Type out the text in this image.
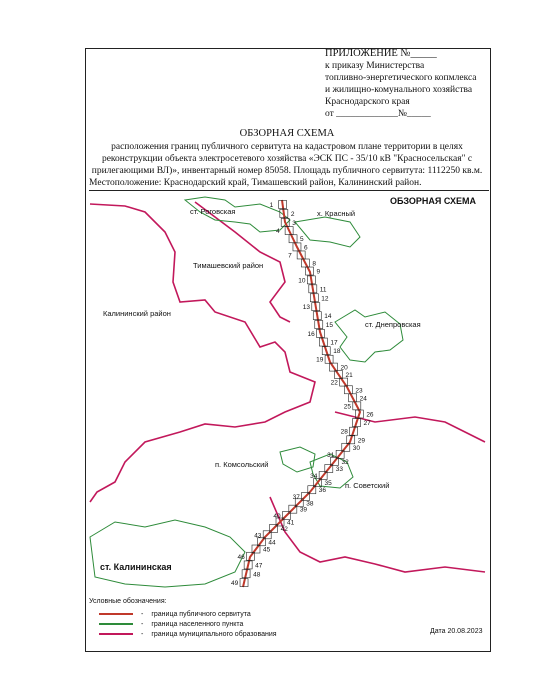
ПРИЛОЖЕНИЕ №_____
к приказу Министерства
топливно-энергетического копмлекса
и жилищно-комунального хозяйства
Краснодарского края
от _____________№_____
ОБЗОРНАЯ СХЕМА
расположения границ публичного сервитута на кадастровом плане территории в целях
реконструкции объекта электросетевого хозяйства «ЭСК ПС - 35/10 кВ "Красносельская" с
прилегающими ВЛ)», инвентарный номер 85058. Площадь публичного сервитута: 1112250 кв.м.
Местоположение: Краснодарский край, Тимашевский район, Калининский район.
1
2
3
4
5
6
7
8
9
10
11
12
13
14
15
16
17
18
19
20
21
22
23
24
25
26
27
28
29
30
31
32
33
34
35
36
37
38
39
40
41
42
43
44
45
46
47
48
49
ОБЗОРНАЯ СХЕМА
ст. Роговская	х. Красный
Тимашевский район
Калининский район
ст. Днепровская
п. Комсольский
п. Советский
ст. Калининская
Условные обозначения:
- граница публичного сервитута
- граница населенного пункта
- граница муниципального образования	Дата 20.08.2023
